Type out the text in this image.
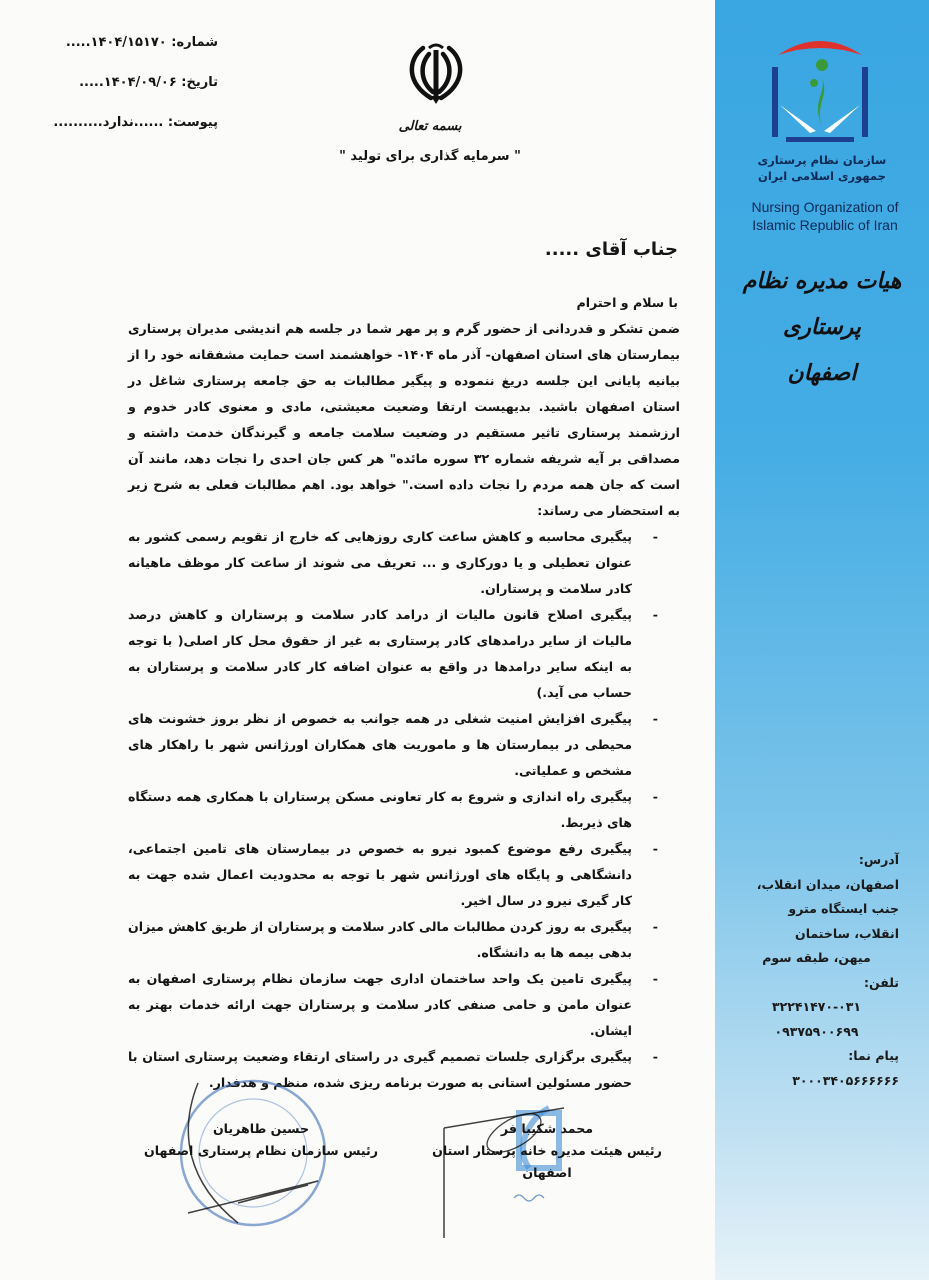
شماره: ۱۴۰۴/۱۵۱۷۰.....
تاریخ: ۱۴۰۴/۰۹/۰۶.....
پیوست: ......ندارد..........	بسمه تعالی
" سرمایه گذاری برای تولید "
جناب آقای .....

با سلام و احترام

ضمن تشکر و قدردانی از حضور گرم و پر مهر شما در جلسه هم اندیشی مدیران پرستاری بیمارستان های استان اصفهان- آذر ماه ۱۴۰۴- خواهشمند است حمایت مشفقانه خود را از بیانیه پایانی این جلسه دریغ ننموده و پیگیر مطالبات به حق جامعه پرستاری شاغل در استان اصفهان باشید. بدیهیست ارتقا وضعیت معیشتی، مادی و معنوی کادر خدوم و ارزشمند پرستاری تاثیر مستقیم در وضعیت سلامت جامعه و گیرندگان خدمت داشته و مصداقی بر آیه شریفه شماره ۳۲ سوره مائده" هر کس جان احدی را نجات دهد، مانند آن است که جان همه مردم را نجات داده است." خواهد بود. اهم مطالبات فعلی به شرح زیر به استحضار می رساند:

-
پیگیری محاسبه و کاهش ساعت کاری روزهایی که خارج از تقویم رسمی کشور به عنوان تعطیلی و یا دورکاری و ... تعریف می شوند از ساعت کار موظف ماهیانه کادر سلامت و پرستاران.
-
پیگیری اصلاح قانون مالیات از درامد کادر سلامت و پرستاران و کاهش درصد مالیات از سایر درامدهای کادر پرستاری به غیر از حقوق محل کار اصلی( با توجه به اینکه سایر درامدها در واقع به عنوان اضافه کار کادر سلامت و پرستاران به حساب می آید.)
-
پیگیری افزایش امنیت شغلی در همه جوانب به خصوص از نظر بروز خشونت های محیطی در بیمارستان ها و ماموریت های همکاران اورژانس شهر با راهکار های مشخص و عملیاتی.
-
پیگیری راه اندازی و شروع به کار تعاونی مسکن پرستاران با همکاری همه دستگاه های ذیربط.
-
پیگیری رفع موضوع کمبود نیرو به خصوص در بیمارستان های تامین اجتماعی، دانشگاهی و پایگاه های اورژانس شهر با توجه به محدودیت اعمال شده جهت به کار گیری نیرو در سال اخیر.
-
پیگیری به روز کردن مطالبات مالی کادر سلامت و پرستاران از طریق کاهش میزان بدهی بیمه ها به دانشگاه.
-
پیگیری تامین یک واحد ساختمان اداری جهت سازمان نظام پرستاری اصفهان به عنوان مامن و حامی صنفی کادر سلامت و پرستاران جهت ارائه خدمات بهتر به ایشان.
-
پیگیری برگزاری جلسات تصمیم گیری در راستای ارتقاء وضعیت پرستاری استان با حضور مسئولین استانی به صورت برنامه ریزی شده، منظم و هدفدار.
محمد شکیبا فر
رئیس هیئت مدیره خانه پرستار استان اصفهان
حسین طاهریان
رئیس سازمان نظام پرستاری اصفهان
سازمان نظام پرستاری
جمهوری اسلامی ایران
Nursing Organization of
Islamic Republic of Iran
هیات مدیره نظام پرستاری
اصفهان
آدرس:
اصفهان، میدان انقلاب،
جنب ایستگاه مترو
انقلاب، ساختمان
میهن، طبقه سوم
تلفن:
۳۲۲۴۱۴۷۰-۰۳۱
۰۹۳۷۵۹۰۰۶۹۹
پیام نما:
۳۰۰۰۳۴۰۵۶۶۶۶۶۶
